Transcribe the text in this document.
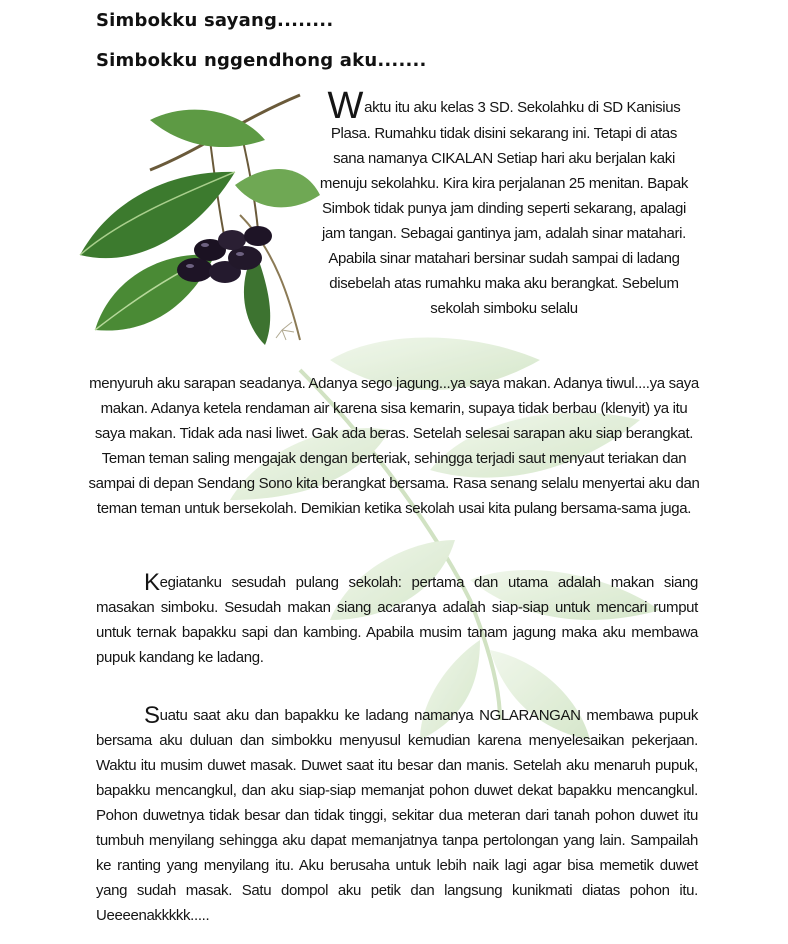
Simbokku sayang........
Simbokku nggendhong aku.......
Waktu itu aku kelas 3 SD. Sekolahku di SD Kanisius Plasa. Rumahku tidak disini sekarang ini. Tetapi di atas sana namanya CIKALAN Setiap hari aku berjalan kaki menuju sekolahku. Kira kira perjalanan 25 menitan. Bapak Simbok tidak punya jam dinding seperti sekarang, apalagi jam tangan. Sebagai gantinya jam, adalah sinar matahari. Apabila sinar matahari bersinar sudah sampai di ladang disebelah atas rumahku maka aku berangkat. Sebelum sekolah simboku selalu
menyuruh aku sarapan seadanya. Adanya sego jagung...ya saya makan. Adanya tiwul....ya saya makan. Adanya ketela rendaman air karena sisa kemarin, supaya tidak berbau (klenyit) ya itu saya makan. Tidak ada nasi liwet. Gak ada beras. Setelah selesai sarapan aku siap berangkat. Teman teman saling mengajak dengan berteriak, sehingga terjadi saut menyaut teriakan dan sampai di depan Sendang Sono kita berangkat bersama. Rasa senang selalu menyertai aku dan teman teman untuk bersekolah. Demikian ketika sekolah usai kita pulang bersama-sama juga.
Kegiatanku sesudah pulang sekolah: pertama dan utama adalah makan siang masakan simboku. Sesudah makan siang acaranya adalah siap-siap untuk mencari rumput untuk ternak bapakku sapi dan kambing. Apabila musim tanam jagung maka aku membawa pupuk kandang ke ladang.
Suatu saat aku dan bapakku ke ladang namanya NGLARANGAN membawa pupuk bersama aku duluan dan simbokku menyusul kemudian karena menyelesaikan pekerjaan. Waktu itu musim duwet masak. Duwet saat itu besar dan manis. Setelah aku menaruh pupuk, bapakku mencangkul, dan aku siap-siap memanjat pohon duwet dekat bapakku mencangkul. Pohon duwetnya tidak besar dan tidak tinggi, sekitar dua meteran dari tanah pohon duwet itu tumbuh menyilang sehingga aku dapat memanjatnya tanpa pertolongan yang lain. Sampailah ke ranting yang menyilang itu. Aku berusaha untuk lebih naik lagi agar bisa memetik duwet yang sudah masak. Satu dompol aku petik dan langsung kunikmati diatas pohon itu. Ueeeenakkkkk.....
